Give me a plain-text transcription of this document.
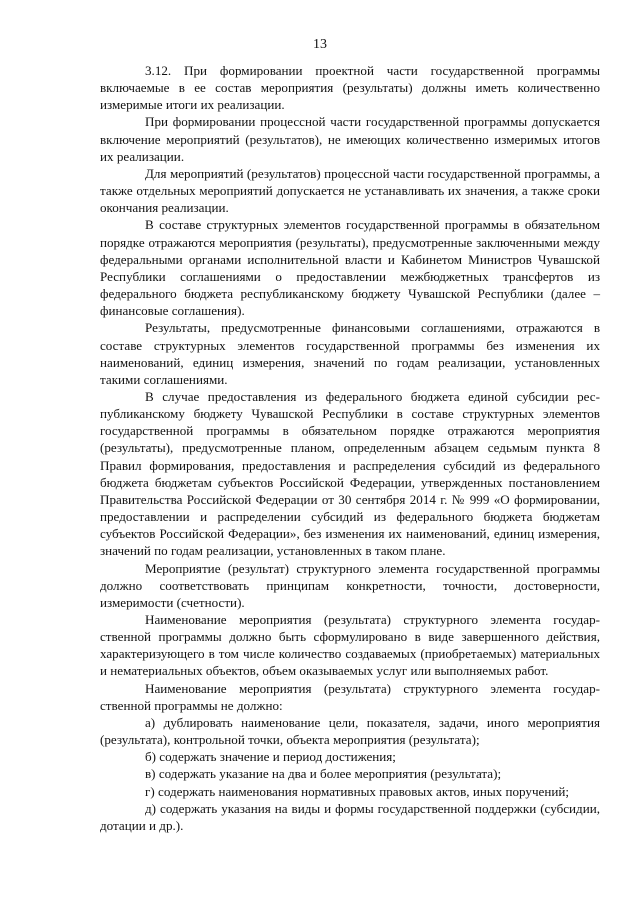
13

3.12. При формировании проектной части государственной программы включаемые в ее состав мероприятия (результаты) должны иметь количественно измеримые итоги их реализации.

При формировании процессной части государственной программы допускается включение мероприятий (результатов), не имеющих количественно измеримых итогов их реализации.

Для мероприятий (результатов) процессной части государственной программы, а также отдельных мероприятий допускается не устанавливать их значения, а также сроки окончания реализации.

В составе структурных элементов государственной программы в обязательном порядке отражаются мероприятия (результаты), предусмотренные заключенными между федеральными органами исполнительной власти и Кабинетом Министров Чувашской Республики соглашениями о предоставлении межбюджетных трансфертов из федерального бюджета республиканскому бюджету Чувашской Республики (далее – финансовые соглашения).

Результаты, предусмотренные финансовыми соглашениями, отражаются в составе структурных элементов государственной программы без изменения их наименований, единиц измерения, значений по годам реализации, установленных такими соглашениями.

В случае предоставления из федерального бюджета единой субсидии республиканскому бюджету Чувашской Республики в составе структурных элементов государственной программы в обязательном порядке отражаются мероприятия (результаты), предусмотренные планом, определенным абзацем седьмым пункта 8 Правил формирования, предоставления и распределения субсидий из федерального бюджета бюджетам субъектов Российской Федерации, утвержденных постановлением Правительства Российской Федерации от 30 сентября 2014 г. № 999 «О формировании, предоставлении и распределении субсидий из федерального бюджета бюджетам субъектов Российской Федерации», без изменения их наименований, единиц измерения, значений по годам реализации, установленных в таком плане.

Мероприятие (результат) структурного элемента государственной программы должно соответствовать принципам конкретности, точности, достоверности, измеримости (счетности).

Наименование мероприятия (результата) структурного элемента государственной программы должно быть сформулировано в виде завершенного действия, характеризующего в том числе количество создаваемых (приобретаемых) материальных и нематериальных объектов, объем оказываемых услуг или выполняемых работ.

Наименование мероприятия (результата) структурного элемента государственной программы не должно:

а) дублировать наименование цели, показателя, задачи, иного мероприятия (результата), контрольной точки, объекта мероприятия (результата);

б) содержать значение и период достижения;

в) содержать указание на два и более мероприятия (результата);

г) содержать наименования нормативных правовых актов, иных поручений;

д) содержать указания на виды и формы государственной поддержки (субсидии, дотации и др.).
